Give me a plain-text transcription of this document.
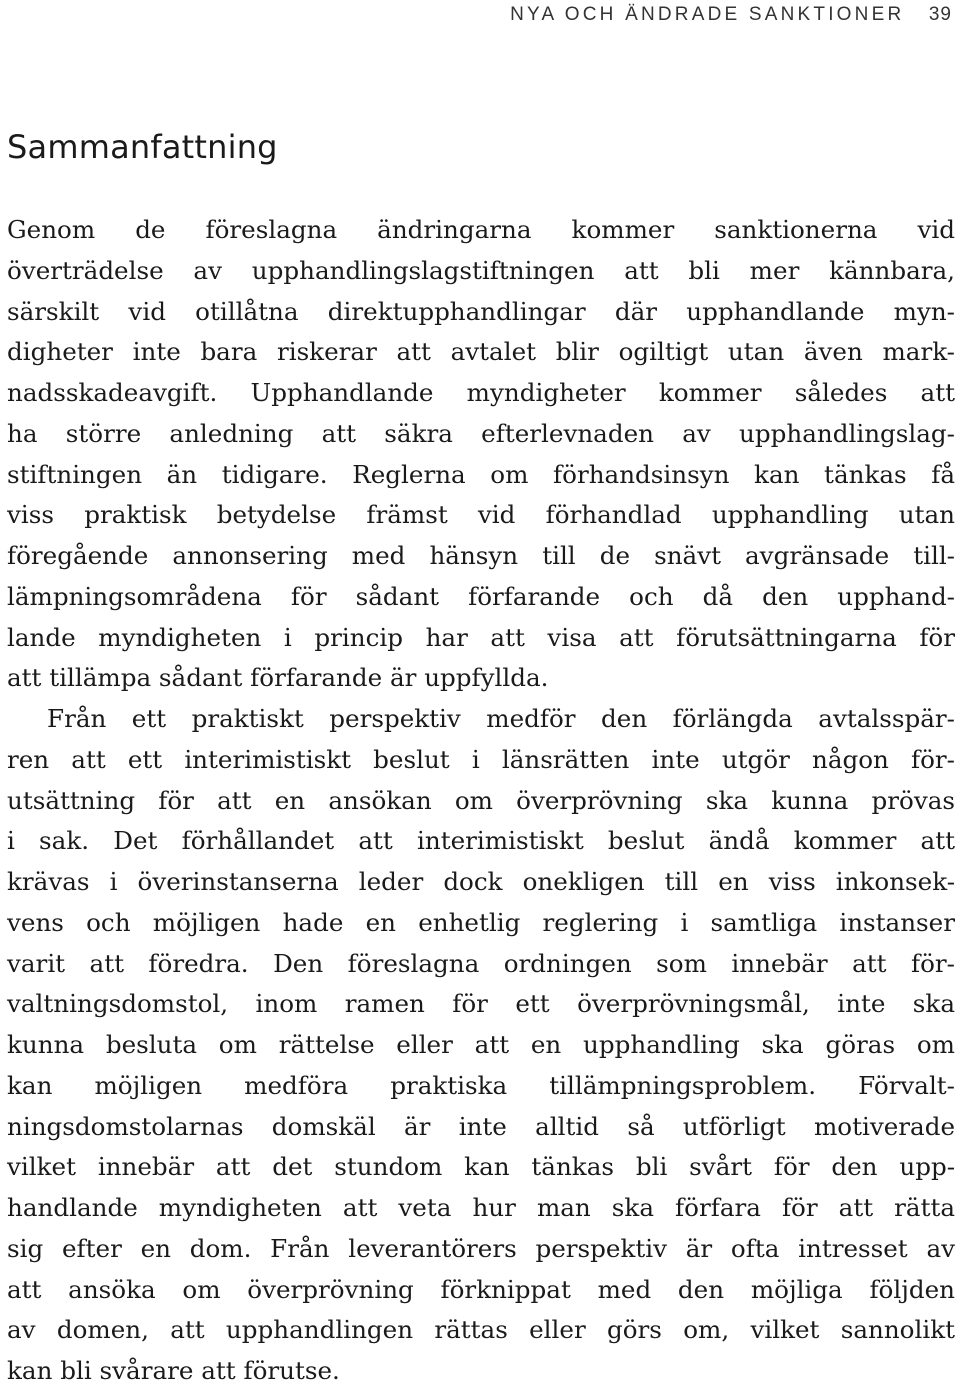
NYA OCH ÄNDRADE SANKTIONER 39
Sammanfattning
Genom de föreslagna ändringarna kommer sanktionerna vid
överträdelse av upphandlingslagstiftningen att bli mer kännbara,
särskilt vid otillåtna direktupphandlingar där upphandlande myn-
digheter inte bara riskerar att avtalet blir ogiltigt utan även mark-
nadsskadeavgift. Upphandlande myndigheter kommer således att
ha större anledning att säkra efterlevnaden av upphandlingslag-
stiftningen än tidigare. Reglerna om förhandsinsyn kan tänkas få
viss praktisk betydelse främst vid förhandlad upphandling utan
föregående annonsering med hänsyn till de snävt avgränsade till-
lämpningsområdena för sådant förfarande och då den upphand-
lande myndigheten i princip har att visa att förutsättningarna för
att tillämpa sådant förfarande är uppfyllda.
Från ett praktiskt perspektiv medför den förlängda avtalsspär-
ren att ett interimistiskt beslut i länsrätten inte utgör någon för-
utsättning för att en ansökan om överprövning ska kunna prövas
i sak. Det förhållandet att interimistiskt beslut ändå kommer att
krävas i överinstanserna leder dock onekligen till en viss inkonsek-
vens och möjligen hade en enhetlig reglering i samtliga instanser
varit att föredra. Den föreslagna ordningen som innebär att för-
valtningsdomstol, inom ramen för ett överprövningsmål, inte ska
kunna besluta om rättelse eller att en upphandling ska göras om
kan möjligen medföra praktiska tillämpningsproblem. Förvalt-
ningsdomstolarnas domskäl är inte alltid så utförligt motiverade
vilket innebär att det stundom kan tänkas bli svårt för den upp-
handlande myndigheten att veta hur man ska förfara för att rätta
sig efter en dom. Från leverantörers perspektiv är ofta intresset av
att ansöka om överprövning förknippat med den möjliga följden
av domen, att upphandlingen rättas eller görs om, vilket sannolikt
kan bli svårare att förutse.
